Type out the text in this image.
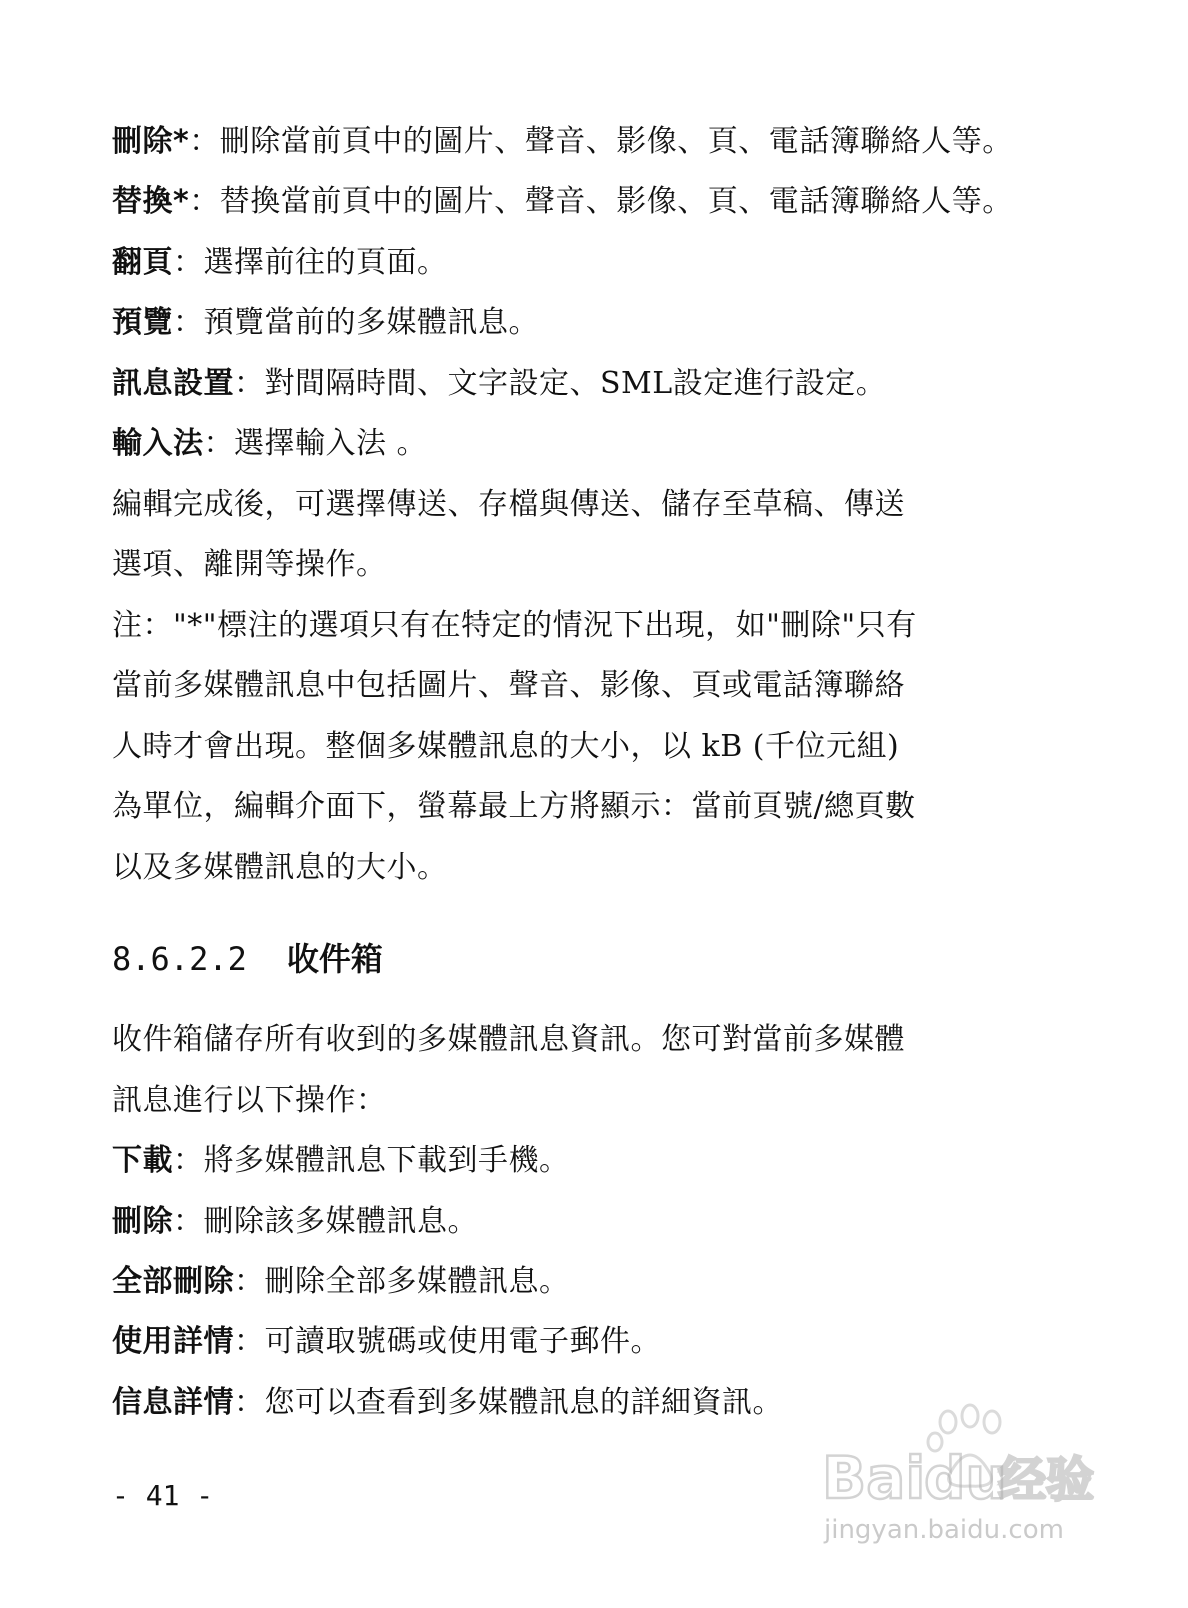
刪除*：刪除當前頁中的圖片、聲音、影像、頁、電話簿聯絡人等。
替換*：替換當前頁中的圖片、聲音、影像、頁、電話簿聯絡人等。
翻頁：選擇前往的頁面。
預覽：預覽當前的多媒體訊息。
訊息設置：對間隔時間、文字設定、SML設定進行設定。
輸入法：選擇輸入法 。
編輯完成後，可選擇傳送、存檔與傳送、儲存至草稿、傳送
選項、離開等操作。
注："*"標注的選項只有在特定的情況下出現，如"刪除"只有
當前多媒體訊息中包括圖片、聲音、影像、頁或電話簿聯絡
人時才會出現。整個多媒體訊息的大小，以 kB (千位元組)
為單位，編輯介面下，螢幕最上方將顯示：當前頁號/總頁數
以及多媒體訊息的大小。
8.6.2.2 收件箱
收件箱儲存所有收到的多媒體訊息資訊。您可對當前多媒體
訊息進行以下操作：
下載：將多媒體訊息下載到手機。
刪除：刪除該多媒體訊息。
全部刪除：刪除全部多媒體訊息。
使用詳情：可讀取號碼或使用電子郵件。
信息詳情：您可以查看到多媒體訊息的詳細資訊。
- 41 -	Bai
du
经验
jingyan.baidu.com
